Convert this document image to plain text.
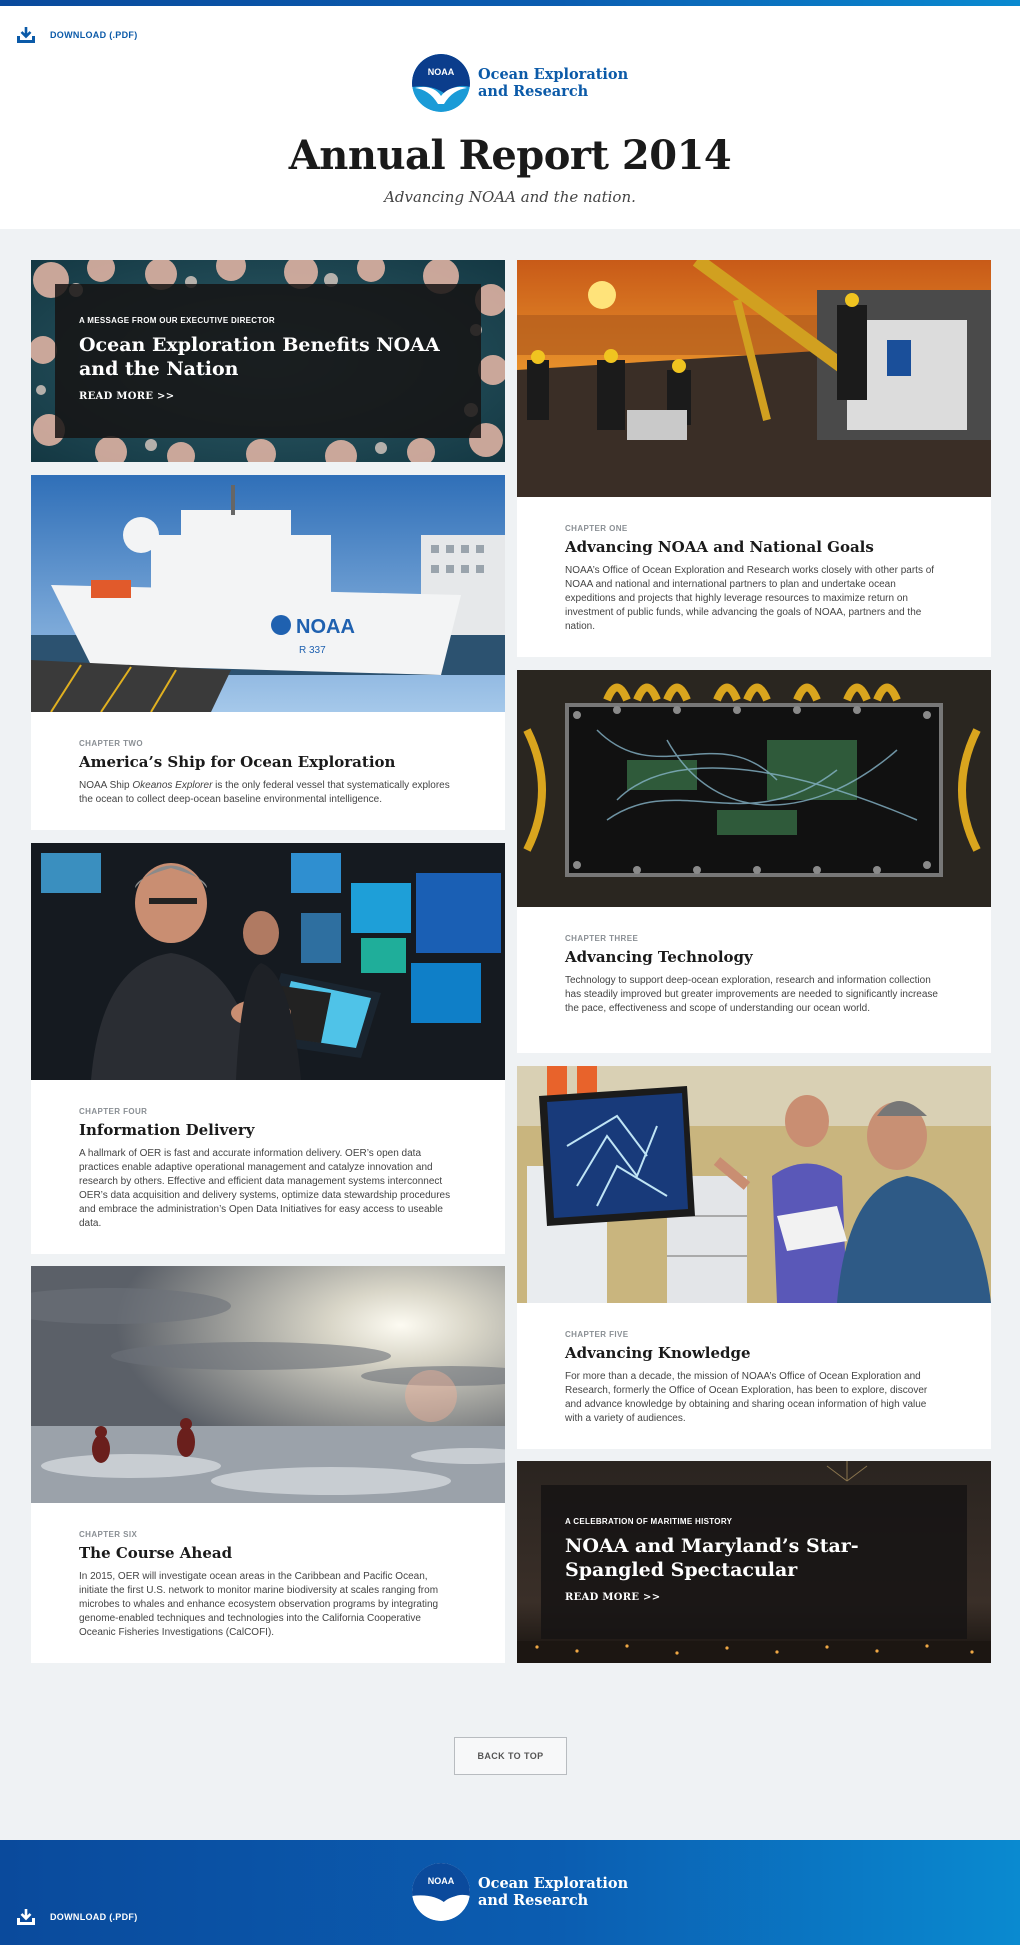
DOWNLOAD (.PDF)
NOAA Ocean Exploration
and Research
Annual Report 2014

Advancing NOAA and the nation.

A MESSAGE FROM OUR EXECUTIVE DIRECTOR
Ocean Exploration Benefits NOAA and the Nation
READ MORE >>
CHAPTER ONE
Advancing NOAA and National Goals
NOAA’s Office of Ocean Exploration and Research works closely with other parts of NOAA and national and international partners to plan and undertake ocean expeditions and projects that highly leverage resources to maximize return on investment of public funds, while advancing the goals of NOAA, partners and the nation.
NOAA
R 337
CHAPTER TWO
America’s Ship for Ocean Exploration
NOAA Ship Okeanos Explorer is the only federal vessel that systematically explores the ocean to collect deep-ocean baseline environmental intelligence.
CHAPTER THREE
Advancing Technology
Technology to support deep-ocean exploration, research and information collection has steadily improved but greater improvements are needed to significantly increase the pace, effectiveness and scope of understanding our ocean world.
CHAPTER FOUR
Information Delivery
A hallmark of OER is fast and accurate information delivery. OER’s open data practices enable adaptive operational management and catalyze innovation and research by others. Effective and efficient data management systems interconnect OER’s data acquisition and delivery systems, optimize data stewardship procedures and embrace the administration’s Open Data Initiatives for easy access to useable data.
CHAPTER FIVE
Advancing Knowledge
For more than a decade, the mission of NOAA’s Office of Ocean Exploration and Research, formerly the Office of Ocean Exploration, has been to explore, discover and advance knowledge by obtaining and sharing ocean information of high value with a variety of audiences.
CHAPTER SIX
The Course Ahead
In 2015, OER will investigate ocean areas in the Caribbean and Pacific Ocean, initiate the first U.S. network to monitor marine biodiversity at scales ranging from microbes to whales and enhance ecosystem observation programs by integrating genome-enabled techniques and technologies into the California Cooperative Oceanic Fisheries Investigations (CalCOFI).
A CELEBRATION OF MARITIME HISTORY
NOAA and Maryland’s Star-Spangled Spectacular
READ MORE >>
BACK TO TOP
DOWNLOAD (.PDF)
NOAA Ocean Exploration
and Research
